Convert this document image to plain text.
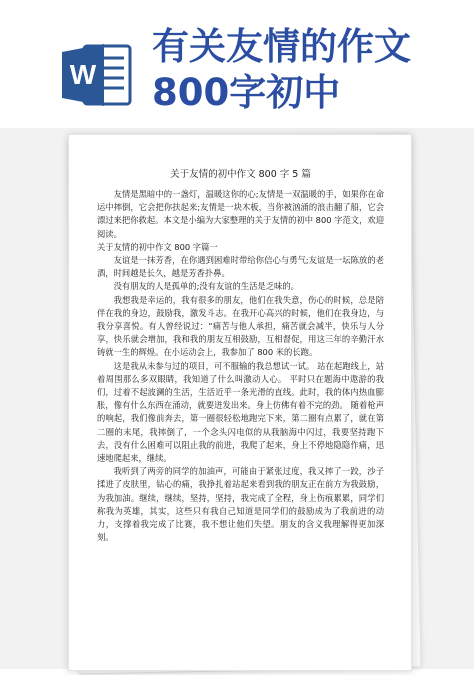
W
有关友情的作文800字初中
关于友情的初中作文 800 字 5 篇

友情是黑暗中的一盏灯，温暖这你的心;友情是一双温暖的手，如果你在命运中摔倒，它会把你扶起来;友情是一块木板，当你被汹涌的浪击翻了船，它会漂过来把你救起。本文是小编为大家整理的关于友情的初中 800 字范文，欢迎阅读。

关于友情的初中作文 800 字篇一

友谊是一抹芳香，在你遇到困难时带给你信心与勇气;友谊是一坛陈放的老酒，时间越是长久，越是芳香扑鼻。

没有朋友的人是孤单的;没有友谊的生活是乏味的。

我想我是幸运的，我有很多的朋友，他们在我失意，伤心的时候，总是陪伴在我的身边，鼓励我，激发斗志。在我开心高兴的时候，他们在我身边，与我分享喜悦。有人曾经说过：“痛苦与他人承担，痛苦就会减半，快乐与人分享，快乐就会增加，我和我的朋友互相鼓励，互相督促，用这三年的辛勤汗水铸就一生的辉煌。在小运动会上，我参加了 800 米的长跑。

这是我从未参与过的项目，可不服输的我总想试一试。 站在起跑线上，站着周围那么多双眼睛，我知道了什么叫激动人心。 平时只在题海中遨游的我们，过着不起波澜的生活，生活近乎一条光滑的直线。此时，我的体内热血膨胀，像有什么东西在涌动，就要迸发出来。身上仿佛有着不完的劲。 随着枪声的响起，我们像前奔去，第一圈很轻松地跑完下来，第二圈有点累了，就在第二圈的末尾，我摔倒了，一个念头闪电似的从我脑海中闪过，我要坚持跑下去，没有什么困难可以阻止我的前进，我爬了起来，身上不停地隐隐作痛，迅速地爬起来，继续。

我听到了两旁的同学的加油声，可能由于紧张过度，我又摔了一跤，沙子揉进了皮肤里，钻心的痛，我挣扎着站起来看到我的朋友正在前方为我鼓励，为我加油。继续，继续，坚持，坚持，我完成了全程，身上伤痕累累，同学们称我为英雄，其实，这些只有我自己知道是同学们的鼓励成为了我前进的动力，支撑着我完成了比赛，我不想让他们失望。朋友的含义我理解得更加深刻。
